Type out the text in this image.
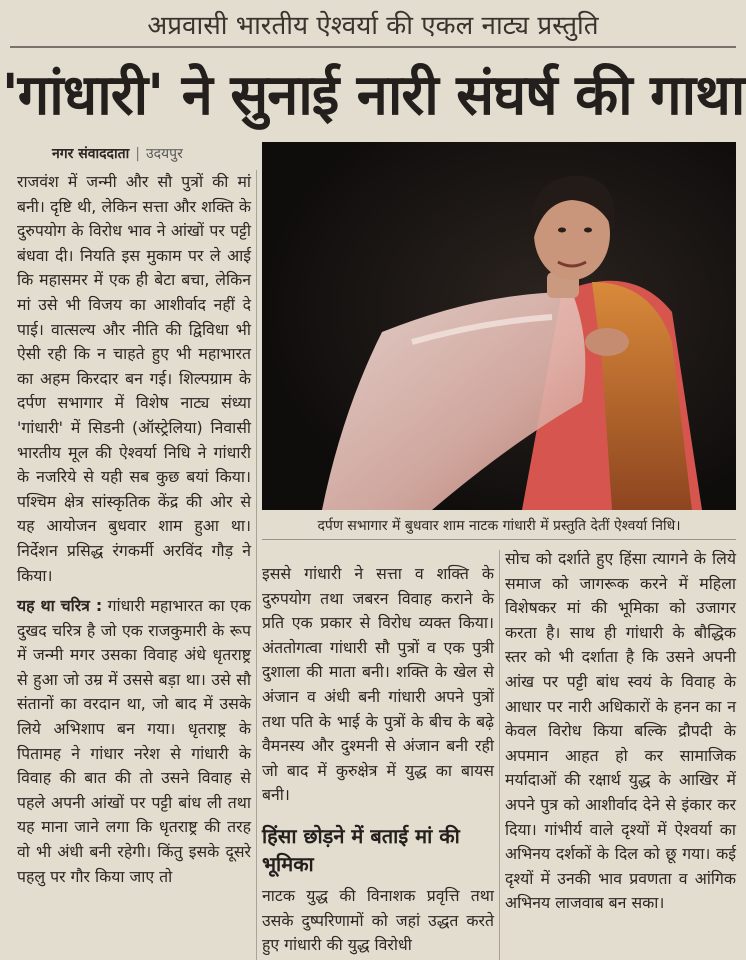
अप्रवासी भारतीय ऐश्वर्या की एकल नाट्य प्रस्तुति
'गांधारी' ने सुनाई नारी संघर्ष की गाथा
नगर संवाददाता | उदयपुर
दर्पण सभागार में बुधवार शाम नाटक गांधारी में प्रस्तुति देतीं ऐश्वर्या निधि।

राजवंश में जन्मी और सौ पुत्रों की मां बनी। दृष्टि थी, लेकिन सत्ता और शक्ति के दुरुपयोग के विरोध भाव ने आंखों पर पट्टी बंधवा दी। नियति इस मुकाम पर ले आई कि महासमर में एक ही बेटा बचा, लेकिन मां उसे भी विजय का आशीर्वाद नहीं दे पाई। वात्सल्य और नीति की द्विविधा भी ऐसी रही कि न चाहते हुए भी महाभारत का अहम किरदार बन गई। शिल्पग्राम के दर्पण सभागार में विशेष नाट्य संध्या 'गांधारी' में सिडनी (ऑस्ट्रेलिया) निवासी भारतीय मूल की ऐश्वर्या निधि ने गांधारी के नजरिये से यही सब कुछ बयां किया। पश्चिम क्षेत्र सांस्कृतिक केंद्र की ओर से यह आयोजन बुधवार शाम हुआ था। निर्देशन प्रसिद्ध रंगकर्मी अरविंद गौड़ ने किया।

यह था चरित्र : गांधारी महाभारत का एक दुखद चरित्र है जो एक राजकुमारी के रूप में जन्मी मगर उसका विवाह अंधे धृतराष्ट्र से हुआ जो उम्र में उससे बड़ा था। उसे सौ संतानों का वरदान था, जो बाद में उसके लिये अभिशाप बन गया। धृतराष्ट्र के पितामह ने गांधार नरेश से गांधारी के विवाह की बात की तो उसने विवाह से पहले अपनी आंखों पर पट्टी बांध ली तथा यह माना जाने लगा कि धृतराष्ट्र की तरह वो भी अंधी बनी रहेगी। किंतु इसके दूसरे पहलु पर गौर किया जाए तो

इससे गांधारी ने सत्ता व शक्ति के दुरुपयोग तथा जबरन विवाह कराने के प्रति एक प्रकार से विरोध व्यक्त किया। अंततोगत्वा गांधारी सौ पुत्रों व एक पुत्री दुशाला की माता बनी। शक्ति के खेल से अंजान व अंधी बनी गांधारी अपने पुत्रों तथा पति के भाई के पुत्रों के बीच के बढ़े वैमनस्य और दुश्मनी से अंजान बनी रही जो बाद में कुरुक्षेत्र में युद्ध का बायस बनी।

हिंसा छोड़ने में बताई मां की भूमिका

नाटक युद्ध की विनाशक प्रवृत्ति तथा उसके दुष्परिणामों को जहां उद्धत करते हुए गांधारी की युद्ध विरोधी

सोच को दर्शाते हुए हिंसा त्यागने के लिये समाज को जागरूक करने में महिला विशेषकर मां की भूमिका को उजागर करता है। साथ ही गांधारी के बौद्धिक स्तर को भी दर्शाता है कि उसने अपनी आंख पर पट्टी बांध स्वयं के विवाह के आधार पर नारी अधिकारों के हनन का न केवल विरोध किया बल्कि द्रौपदी के अपमान आहत हो कर सामाजिक मर्यादाओं की रक्षार्थ युद्ध के आखिर में अपने पुत्र को आशीर्वाद देने से इंकार कर दिया। गांभीर्य वाले दृश्यों में ऐश्वर्या का अभिनय दर्शकों के दिल को छू गया। कई दृश्यों में उनकी भाव प्रवणता व आंगिक अभिनय लाजवाब बन सका।
